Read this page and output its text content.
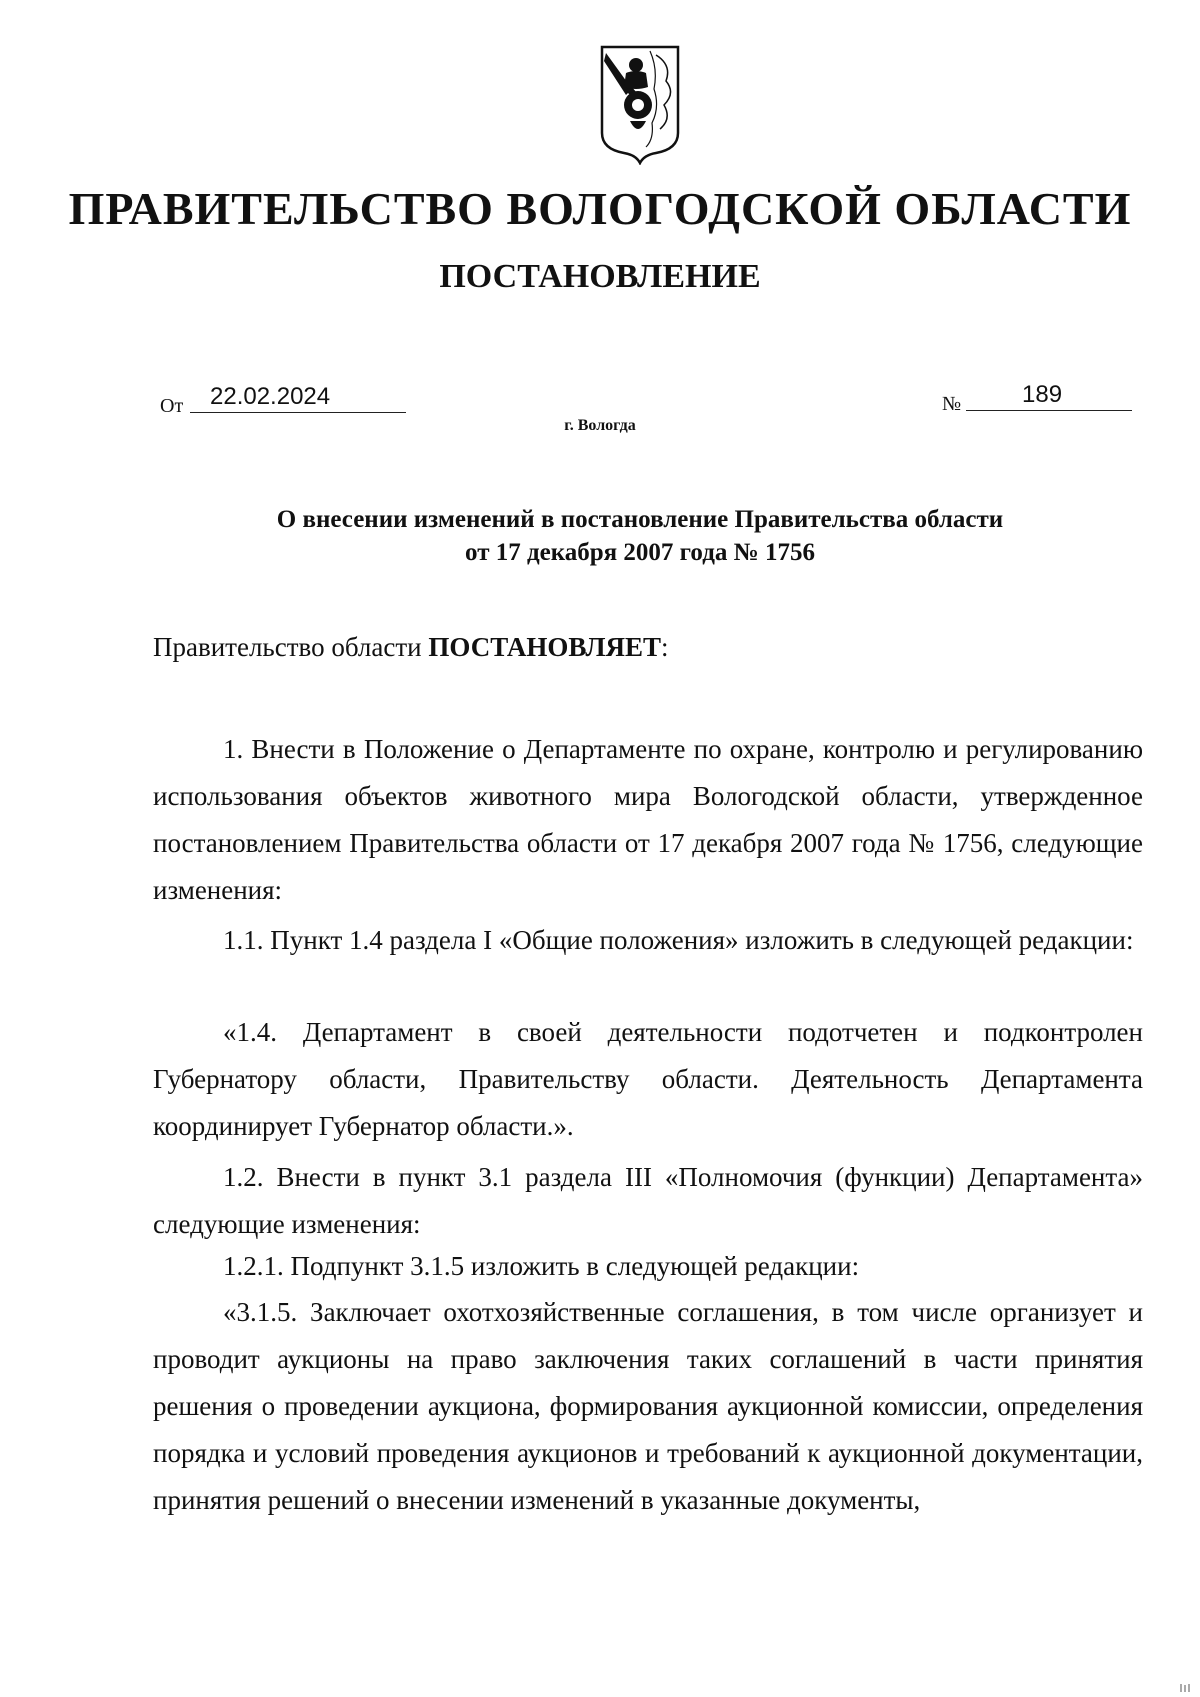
ПРАВИТЕЛЬСТВО ВОЛОГОДСКОЙ ОБЛАСТИ
ПОСТАНОВЛЕНИЕ
От	22.02.2024	№	189
г. Вологда
О внесении изменений в постановление Правительства области
от 17 декабря 2007 года № 1756
Правительство области ПОСТАНОВЛЯЕТ:

1. Внести в Положение о Департаменте по охране, контролю и регулированию использования объектов животного мира Вологодской области, утвержденное постановлением Правительства области от 17 декабря 2007 года № 1756, следующие изменения:

1.1. Пункт 1.4 раздела I «Общие положения» изложить в следующей редакции:

«1.4. Департамент в своей деятельности подотчетен и подконтролен Губернатору области, Правительству области. Деятельность Департамента координирует Губернатор области.».

1.2. Внести в пункт 3.1 раздела III «Полномочия (функции) Департамента» следующие изменения:

1.2.1. Подпункт 3.1.5 изложить в следующей редакции:

«3.1.5. Заключает охотхозяйственные соглашения, в том числе организует и проводит аукционы на право заключения таких соглашений в части принятия решения о проведении аукциона, формирования аукционной комиссии, определения порядка и условий проведения аукционов и требований к аукционной документации, принятия решений о внесении изменений в указанные документы,
